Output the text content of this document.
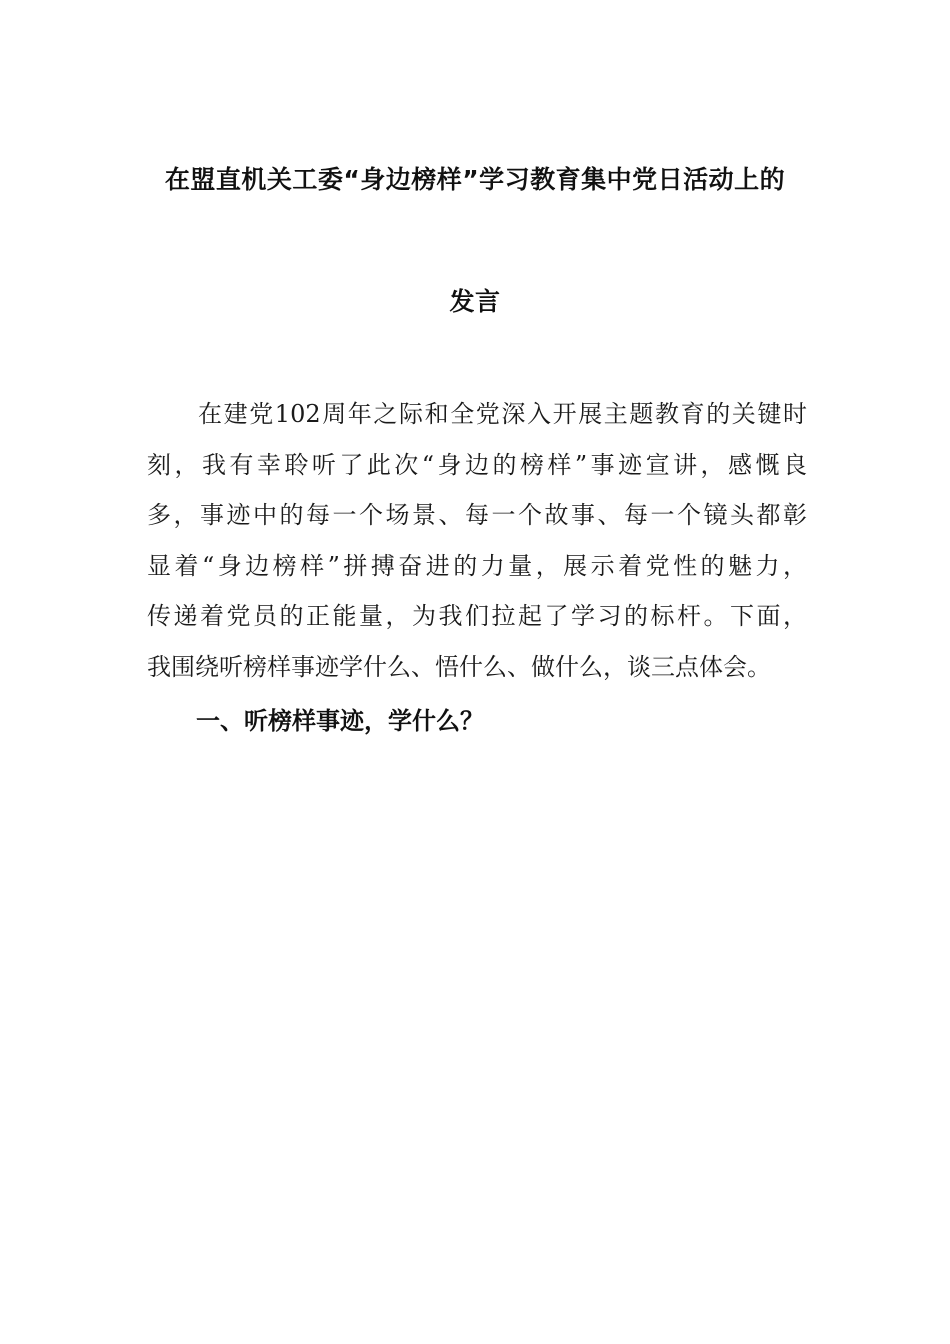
在盟直机关工委“身边榜样”学习教育集中党日活动上的
发言
在建党102周年之际和全党深入开展主题教育的关键时
刻，我有幸聆听了此次“身边的榜样”事迹宣讲，感慨良
多，事迹中的每一个场景、每一个故事、每一个镜头都彰
显着“身边榜样”拼搏奋进的力量，展示着党性的魅力，
传递着党员的正能量，为我们拉起了学习的标杆。下面，
我围绕听榜样事迹学什么、悟什么、做什么，谈三点体会。
一、听榜样事迹，学什么？
